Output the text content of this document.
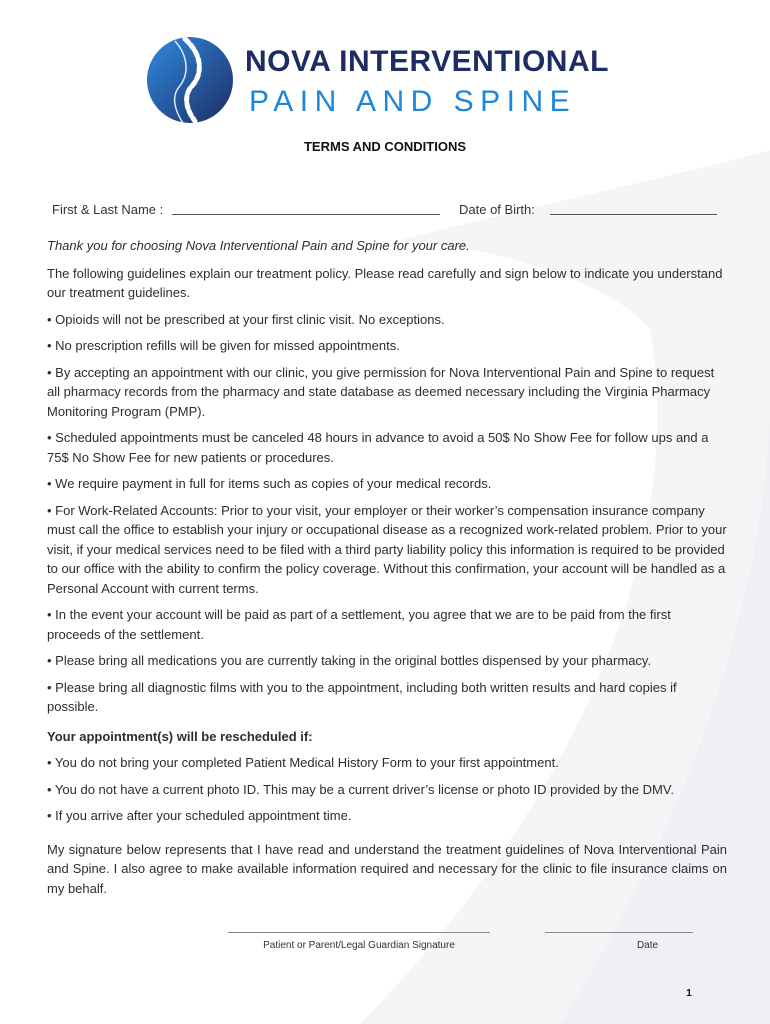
NOVA INTERVENTIONAL
PAIN AND SPINE
TERMS AND CONDITIONS
First & Last Name :	Date of Birth:

Thank you for choosing Nova Interventional Pain and Spine for your care.

The following guidelines explain our treatment policy. Please read carefully and sign below to indicate you understand our treatment guidelines.

• Opioids will not be prescribed at your first clinic visit. No exceptions.

• No prescription refills will be given for missed appointments.

• By accepting an appointment with our clinic, you give permission for Nova Interventional Pain and Spine to request all pharmacy records from the pharmacy and state database as deemed necessary including the Virginia Pharmacy Monitoring Program (PMP).

• Scheduled appointments must be canceled 48 hours in advance to avoid a 50$ No Show Fee for follow ups and a 75$ No Show Fee for new patients or procedures.

• We require payment in full for items such as copies of your medical records.

• For Work-Related Accounts: Prior to your visit, your employer or their worker’s compensation insurance company must call the office to establish your injury or occupational disease as a recognized work-related problem. Prior to your visit, if your medical services need to be filed with a third party liability policy this information is required to be provided to our office with the ability to confirm the policy coverage. Without this confirmation, your account will be handled as a Personal Account with current terms.

• In the event your account will be paid as part of a settlement, you agree that we are to be paid from the first proceeds of the settlement.

• Please bring all medications you are currently taking in the original bottles dispensed by your pharmacy.

• Please bring all diagnostic films with you to the appointment, including both written results and hard copies if possible.

Your appointment(s) will be rescheduled if:

• You do not bring your completed Patient Medical History Form to your first appointment.

• You do not have a current photo ID. This may be a current driver’s license or photo ID provided by the DMV.

• If you arrive after your scheduled appointment time.

My signature below represents that I have read and understand the treatment guidelines of Nova Interventional Pain and Spine. I also agree to make available information required and necessary for the clinic to file insurance claims on my behalf.

Patient or Parent/Legal Guardian Signature	Date
1
